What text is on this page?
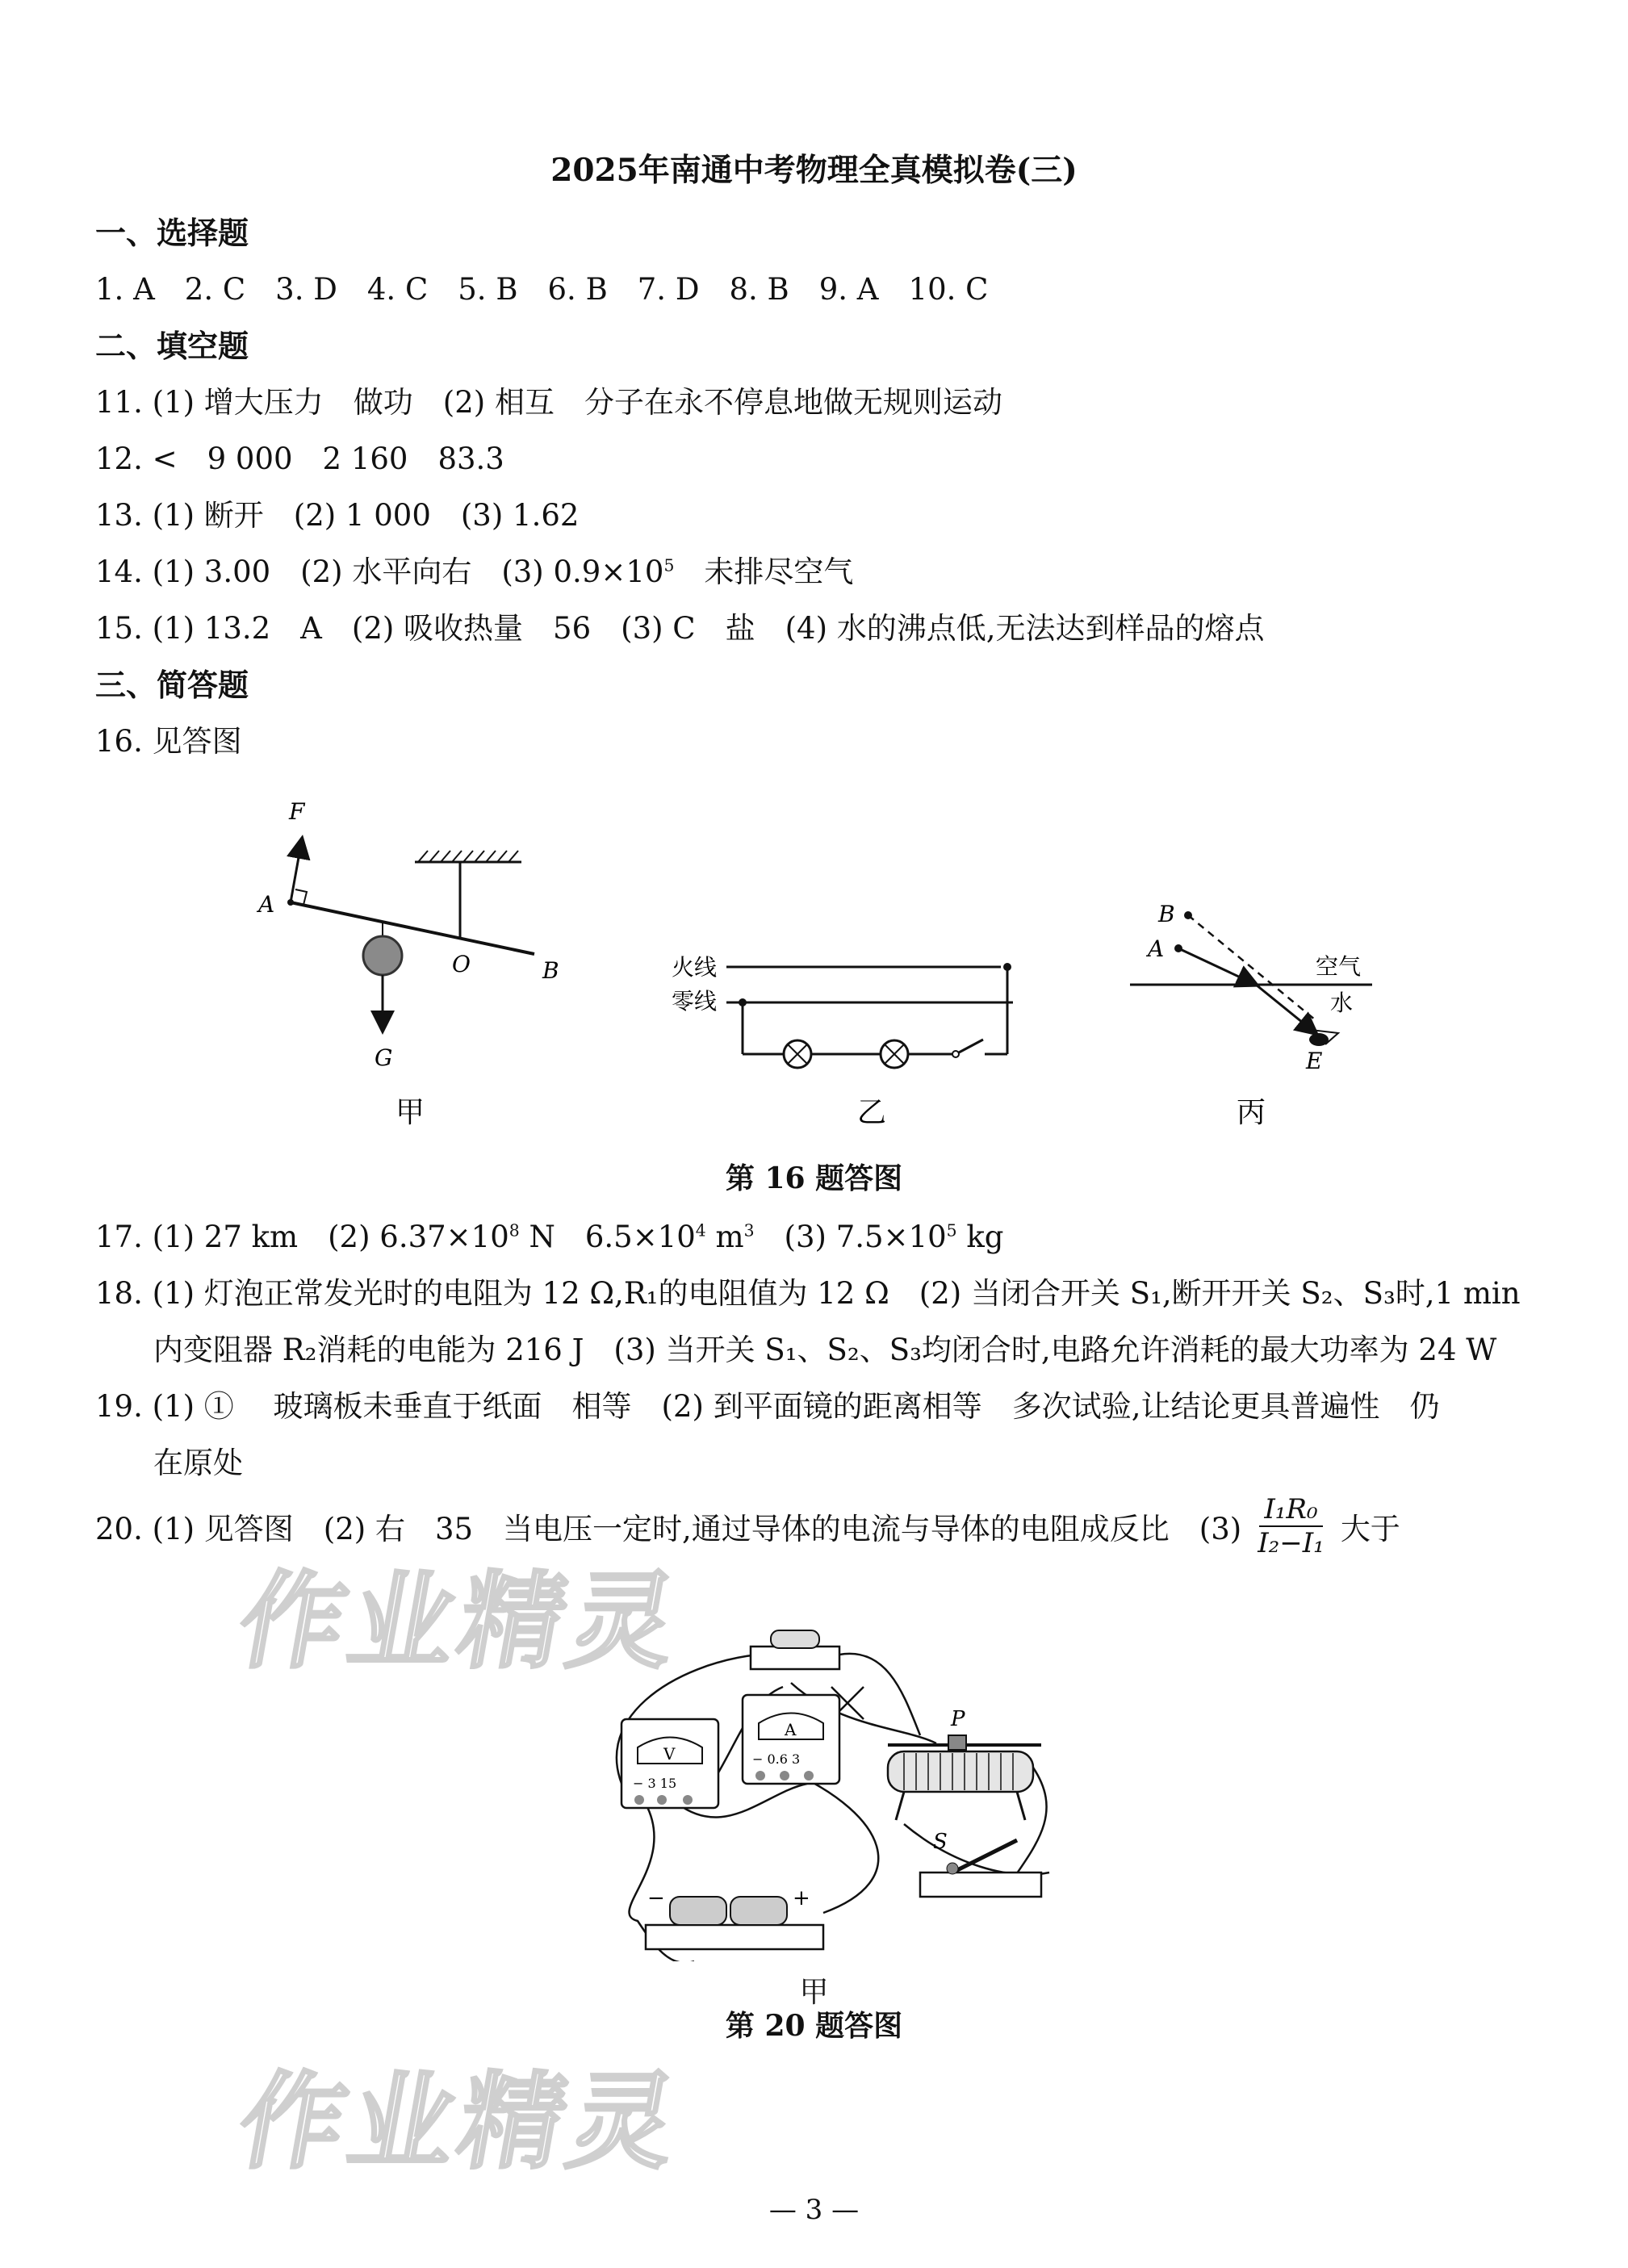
2025年南通中考物理全真模拟卷(三)
一、选择题
1. A　2. C　3. D　4. C　5. B　6. B　7. D　8. B　9. A　10. C
二、填空题
11. (1) 增大压力　做功　(2) 相互　分子在永不停息地做无规则运动
12. <　9 000　2 160　83.3
13. (1) 断开　(2) 1 000　(3) 1.62
14. (1) 3.00　(2) 水平向右　(3) $0.9\times 10^5$　未排尽空气
15. (1) 13.2　A　(2) 吸收热量　56　(3) C　盐　(4) 水的沸点低,无法达到样品的熔点
三、简答题
16. 见答图
F
A
O	B
G
甲
火线
零线
乙
B
A
空气
水
E
丙
第 16 题答图
17. (1) 27 km　(2) $6.37\times 10^8$ N　$6.5\times 10^4$ $m^3$　(3) $7.5\times 10^5$ kg
18. (1) 灯泡正常发光时的电阻为 12 Ω,R₁的电阻值为 12 Ω　(2) 当闭合开关 S₁,断开开关 S₂、S₃时,1 min
内变阻器 R₂消耗的电能为 216 J　(3) 当开关 S₁、S₂、S₃均闭合时,电路允许消耗的最大功率为 24 W
19. (1) ①　 玻璃板未垂直于纸面　相等　(2) 到平面镜的距离相等　多次试验,让结论更具普遍性　仍
在原处
20. (1) 见答图　(2) 右　35　当电压一定时,通过导体的电流与导体的电阻成反比　$(3) \frac{\text{I₁R₀}}{\text{I₂−I₁}}$ 大于
作业精灵
V
− 3 15
A
− 0.6 3
P
S
−	+
甲
第 20 题答图
作业精灵
— 3 —
